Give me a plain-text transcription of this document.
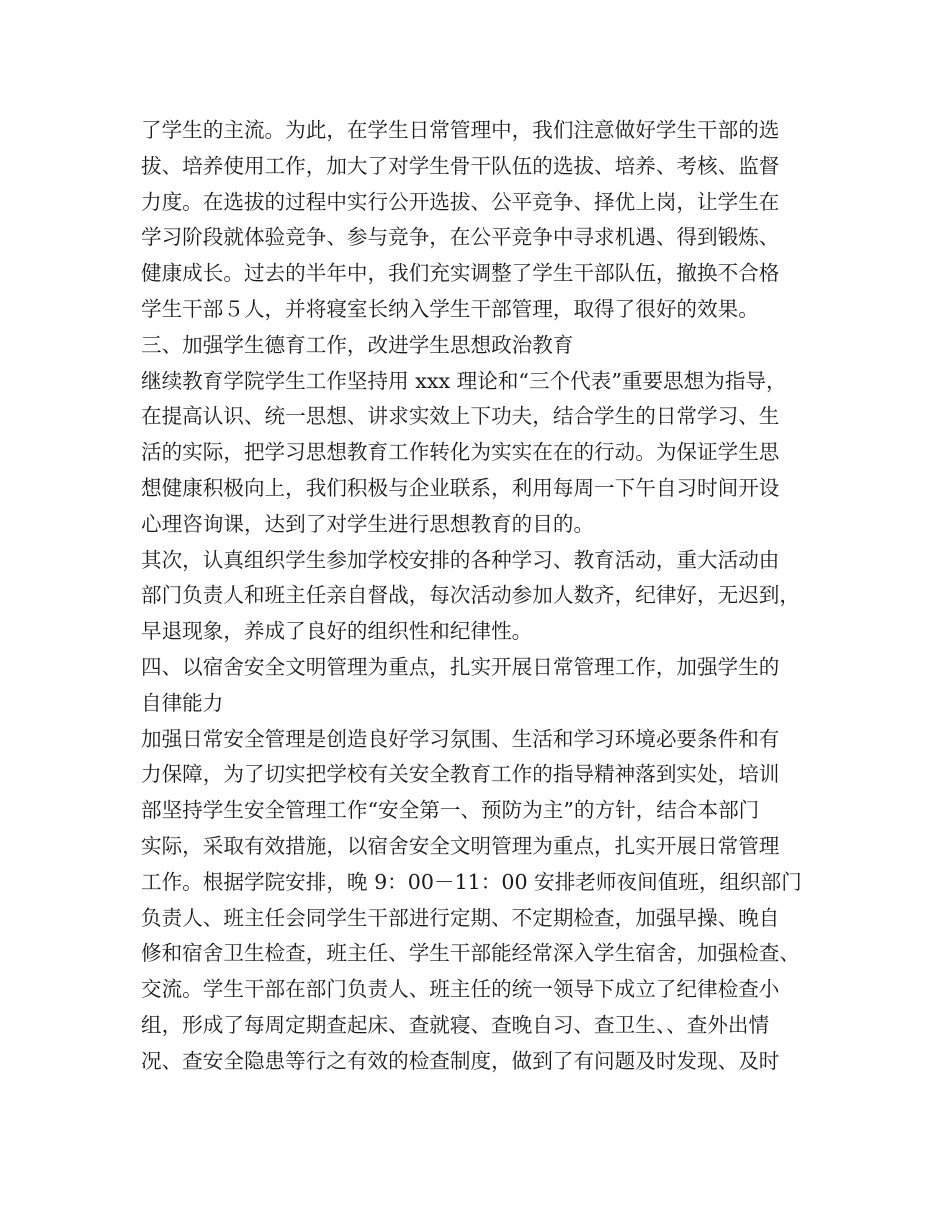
了学生的主流。为此，在学生日常管理中，我们注意做好学生干部的选
拔、培养使用工作，加大了对学生骨干队伍的选拔、培养、考核、监督
力度。在选拔的过程中实行公开选拔、公平竞争、择优上岗，让学生在
学习阶段就体验竞争、参与竞争，在公平竞争中寻求机遇、得到锻炼、
健康成长。过去的半年中，我们充实调整了学生干部队伍，撤换不合格
学生干部５人，并将寝室长纳入学生干部管理，取得了很好的效果。
三、加强学生德育工作，改进学生思想政治教育
继续教育学院学生工作坚持用 xxx 理论和“三个代表”重要思想为指导，
在提高认识、统一思想、讲求实效上下功夫，结合学生的日常学习、生
活的实际，把学习思想教育工作转化为实实在在的行动。为保证学生思
想健康积极向上，我们积极与企业联系，利用每周一下午自习时间开设
心理咨询课，达到了对学生进行思想教育的目的。
其次，认真组织学生参加学校安排的各种学习、教育活动，重大活动由
部门负责人和班主任亲自督战，每次活动参加人数齐，纪律好，无迟到，
早退现象，养成了良好的组织性和纪律性。
四、以宿舍安全文明管理为重点，扎实开展日常管理工作，加强学生的
自律能力
加强日常安全管理是创造良好学习氛围、生活和学习环境必要条件和有
力保障，为了切实把学校有关安全教育工作的指导精神落到实处，培训
部坚持学生安全管理工作“安全第一、预防为主”的方针，结合本部门
实际，采取有效措施，以宿舍安全文明管理为重点，扎实开展日常管理
工作。根据学院安排，晚 9：00－11：00 安排老师夜间值班，组织部门
负责人、班主任会同学生干部进行定期、不定期检查，加强早操、晚自
修和宿舍卫生检查，班主任、学生干部能经常深入学生宿舍，加强检查、
交流。学生干部在部门负责人、班主任的统一领导下成立了纪律检查小
组，形成了每周定期查起床、查就寝、查晚自习、查卫生、、查外出情
况、查安全隐患等行之有效的检查制度，做到了有问题及时发现、及时
